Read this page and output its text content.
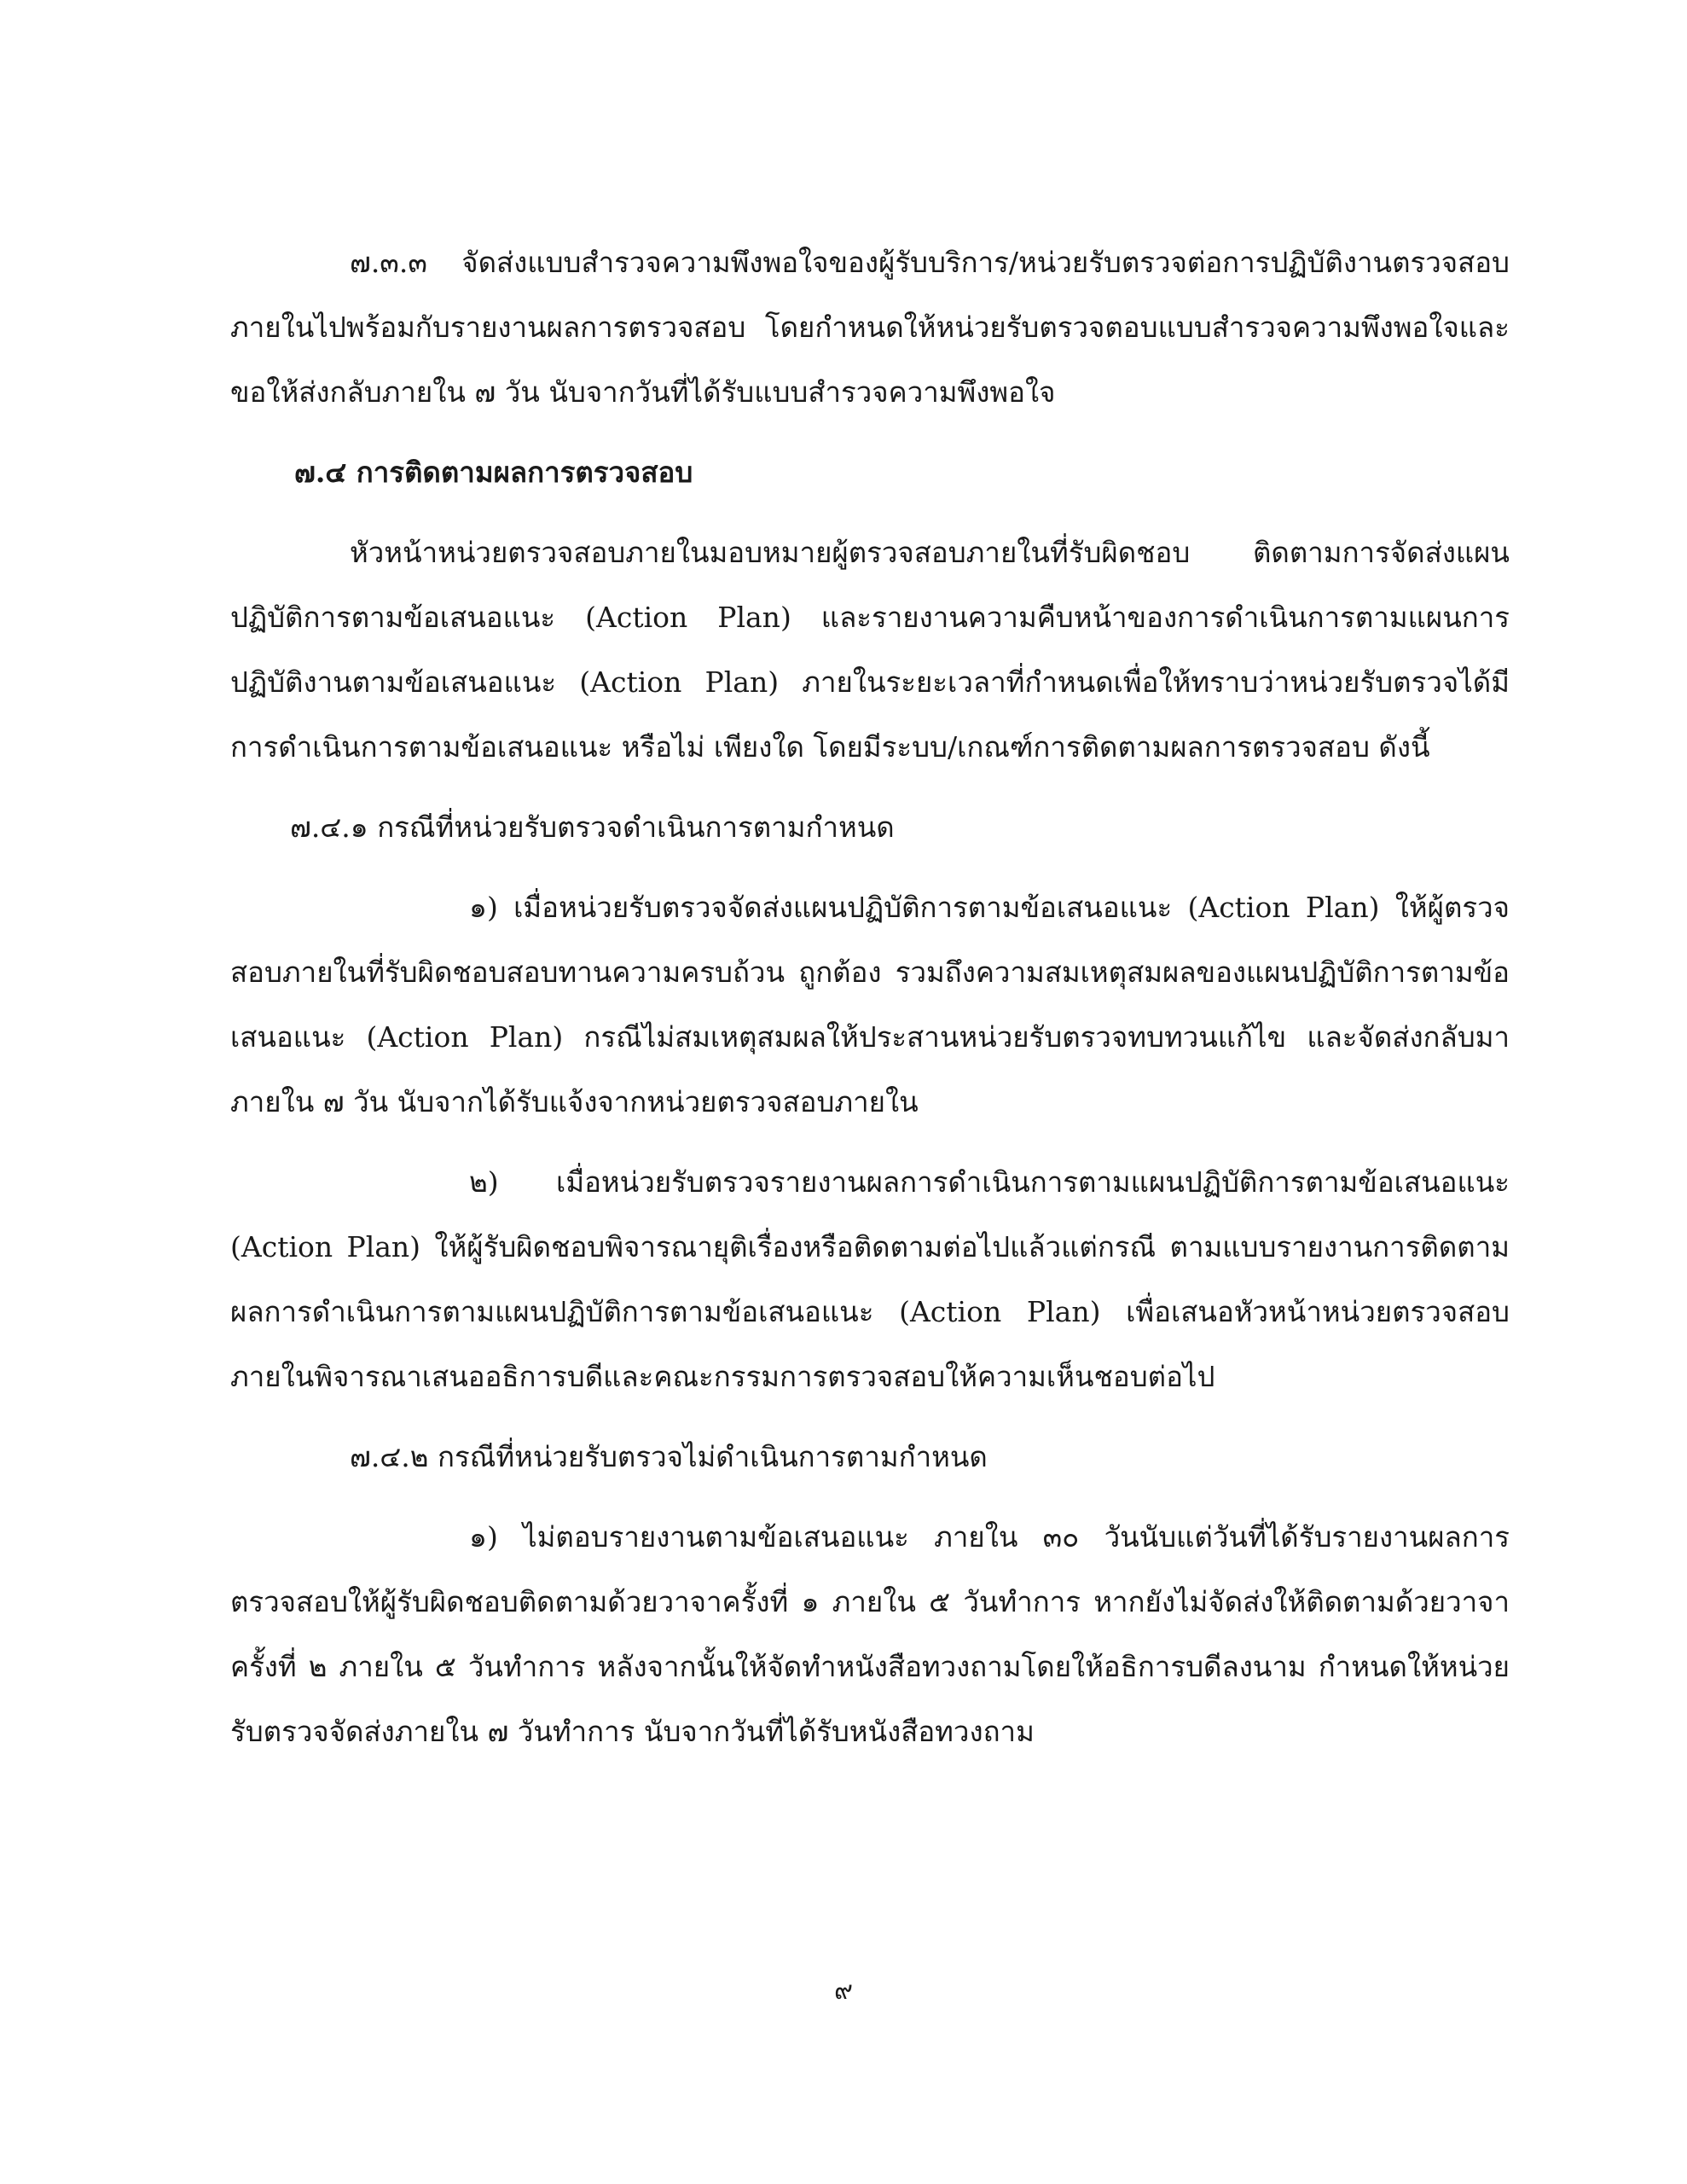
๗.๓.๓ จัดส่งแบบสำรวจความพึงพอใจของผู้รับบริการ/หน่วยรับตรวจต่อการปฏิบัติงานตรวจสอบภายในไปพร้อมกับรายงานผลการตรวจสอบ โดยกำหนดให้หน่วยรับตรวจตอบแบบสำรวจความพึงพอใจและขอให้ส่งกลับภายใน ๗ วัน นับจากวันที่ได้รับแบบสำรวจความพึงพอใจ

๗.๔ การติดตามผลการตรวจสอบ

หัวหน้าหน่วยตรวจสอบภายในมอบหมายผู้ตรวจสอบภายในที่รับผิดชอบ ติดตามการจัดส่งแผนปฏิบัติการตามข้อเสนอแนะ (Action Plan) และรายงานความคืบหน้าของการดำเนินการตามแผนการปฏิบัติงานตามข้อเสนอแนะ (Action Plan) ภายในระยะเวลาที่กำหนดเพื่อให้ทราบว่าหน่วยรับตรวจได้มีการดำเนินการตามข้อเสนอแนะ หรือไม่ เพียงใด โดยมีระบบ/เกณฑ์การติดตามผลการตรวจสอบ ดังนี้

๗.๔.๑ กรณีที่หน่วยรับตรวจดำเนินการตามกำหนด

๑) เมื่อหน่วยรับตรวจจัดส่งแผนปฏิบัติการตามข้อเสนอแนะ (Action Plan) ให้ผู้ตรวจสอบภายในที่รับผิดชอบสอบทานความครบถ้วน ถูกต้อง รวมถึงความสมเหตุสมผลของแผนปฏิบัติการตามข้อเสนอแนะ (Action Plan) กรณีไม่สมเหตุสมผลให้ประสานหน่วยรับตรวจทบทวนแก้ไข และจัดส่งกลับมาภายใน ๗ วัน นับจากได้รับแจ้งจากหน่วยตรวจสอบภายใน

๒) เมื่อหน่วยรับตรวจรายงานผลการดำเนินการตามแผนปฏิบัติการตามข้อเสนอแนะ (Action Plan) ให้ผู้รับผิดชอบพิจารณายุติเรื่องหรือติดตามต่อไปแล้วแต่กรณี ตามแบบรายงานการติดตามผลการดำเนินการตามแผนปฏิบัติการตามข้อเสนอแนะ (Action Plan) เพื่อเสนอหัวหน้าหน่วยตรวจสอบภายในพิจารณาเสนออธิการบดีและคณะกรรมการตรวจสอบให้ความเห็นชอบต่อไป

๗.๔.๒ กรณีที่หน่วยรับตรวจไม่ดำเนินการตามกำหนด

๑) ไม่ตอบรายงานตามข้อเสนอแนะ ภายใน ๓๐ วันนับแต่วันที่ได้รับรายงานผลการตรวจสอบให้ผู้รับผิดชอบติดตามด้วยวาจาครั้งที่ ๑ ภายใน ๕ วันทำการ หากยังไม่จัดส่งให้ติดตามด้วยวาจาครั้งที่ ๒ ภายใน ๕ วันทำการ หลังจากนั้นให้จัดทำหนังสือทวงถามโดยให้อธิการบดีลงนาม กำหนดให้หน่วยรับตรวจจัดส่งภายใน ๗ วันทำการ นับจากวันที่ได้รับหนังสือทวงถาม

๙
